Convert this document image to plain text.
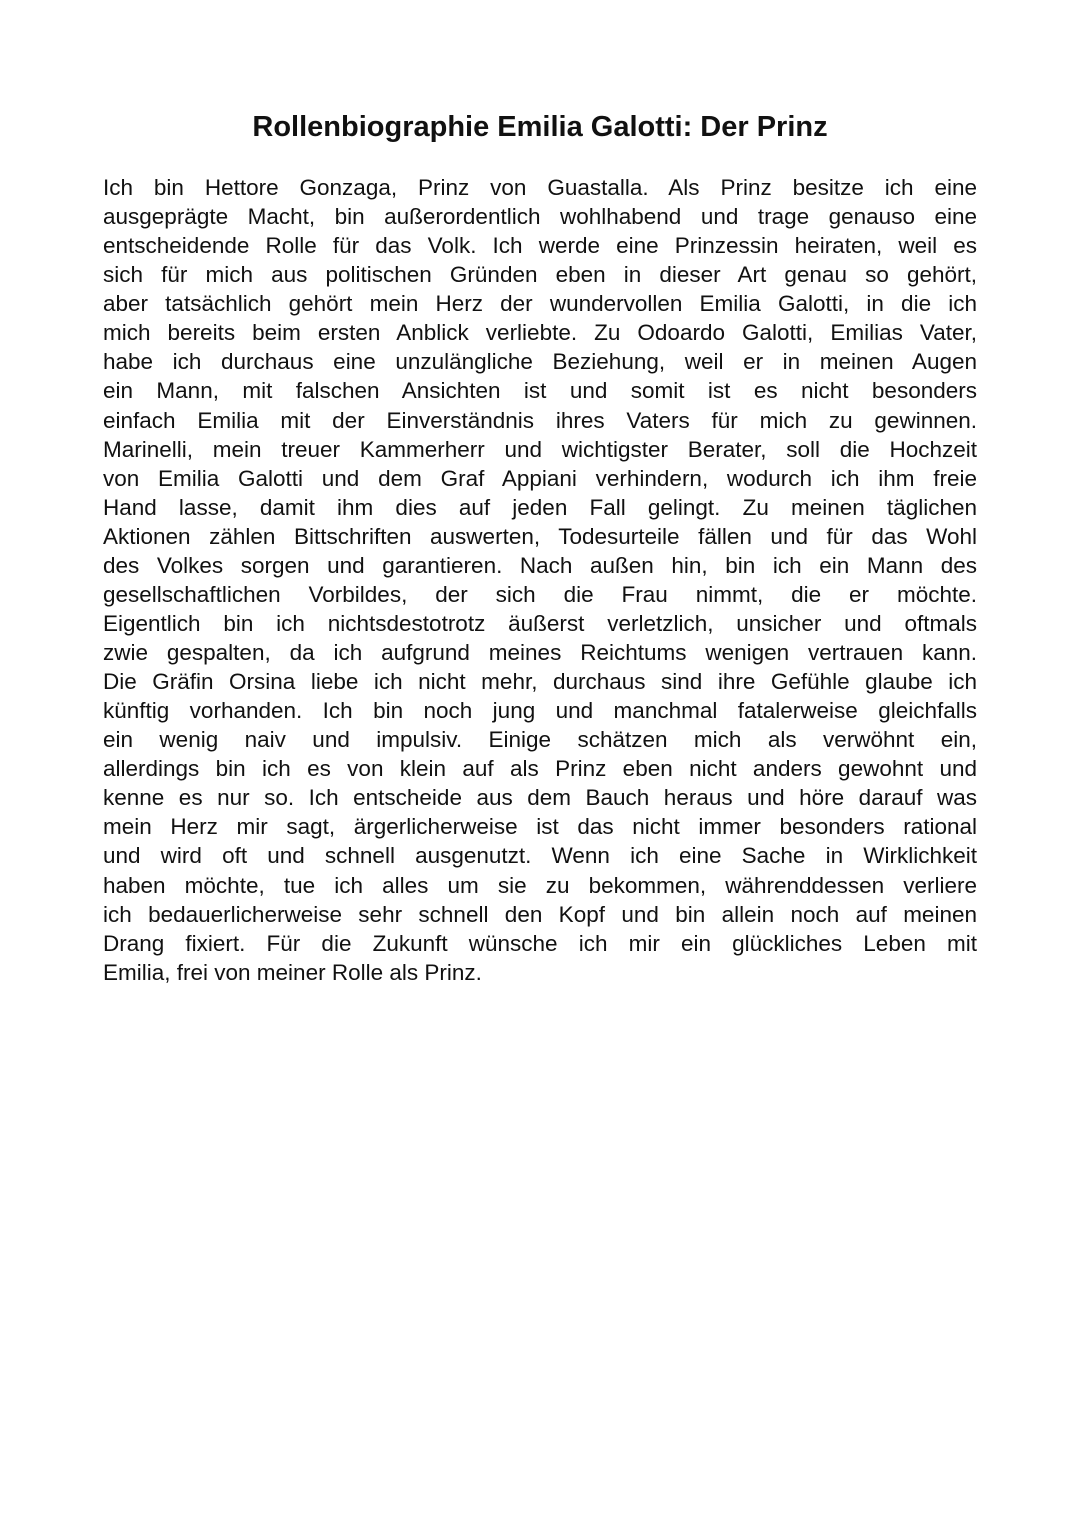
Rollenbiographie Emilia Galotti: Der Prinz
Ich bin Hettore Gonzaga, Prinz von Guastalla. Als Prinz besitze ich eine
ausgeprägte Macht, bin außerordentlich wohlhabend und trage genauso eine
entscheidende Rolle für das Volk. Ich werde eine Prinzessin heiraten, weil es
sich für mich aus politischen Gründen eben in dieser Art genau so gehört,
aber tatsächlich gehört mein Herz der wundervollen Emilia Galotti, in die ich
mich bereits beim ersten Anblick verliebte. Zu Odoardo Galotti, Emilias Vater,
habe ich durchaus eine unzulängliche Beziehung, weil er in meinen Augen
ein Mann, mit falschen Ansichten ist und somit ist es nicht besonders
einfach Emilia mit der Einverständnis ihres Vaters für mich zu gewinnen.
Marinelli, mein treuer Kammerherr und wichtigster Berater, soll die Hochzeit
von Emilia Galotti und dem Graf Appiani verhindern, wodurch ich ihm freie
Hand lasse, damit ihm dies auf jeden Fall gelingt. Zu meinen täglichen
Aktionen zählen Bittschriften auswerten, Todesurteile fällen und für das Wohl
des Volkes sorgen und garantieren. Nach außen hin, bin ich ein Mann des
gesellschaftlichen Vorbildes, der sich die Frau nimmt, die er möchte.
Eigentlich bin ich nichtsdestotrotz äußerst verletzlich, unsicher und oftmals
zwie gespalten, da ich aufgrund meines Reichtums wenigen vertrauen kann.
Die Gräfin Orsina liebe ich nicht mehr, durchaus sind ihre Gefühle glaube ich
künftig vorhanden. Ich bin noch jung und manchmal fatalerweise gleichfalls
ein wenig naiv und impulsiv. Einige schätzen mich als verwöhnt ein,
allerdings bin ich es von klein auf als Prinz eben nicht anders gewohnt und
kenne es nur so. Ich entscheide aus dem Bauch heraus und höre darauf was
mein Herz mir sagt, ärgerlicherweise ist das nicht immer besonders rational
und wird oft und schnell ausgenutzt. Wenn ich eine Sache in Wirklichkeit
haben möchte, tue ich alles um sie zu bekommen, währenddessen verliere
ich bedauerlicherweise sehr schnell den Kopf und bin allein noch auf meinen
Drang fixiert. Für die Zukunft wünsche ich mir ein glückliches Leben mit
Emilia, frei von meiner Rolle als Prinz.
